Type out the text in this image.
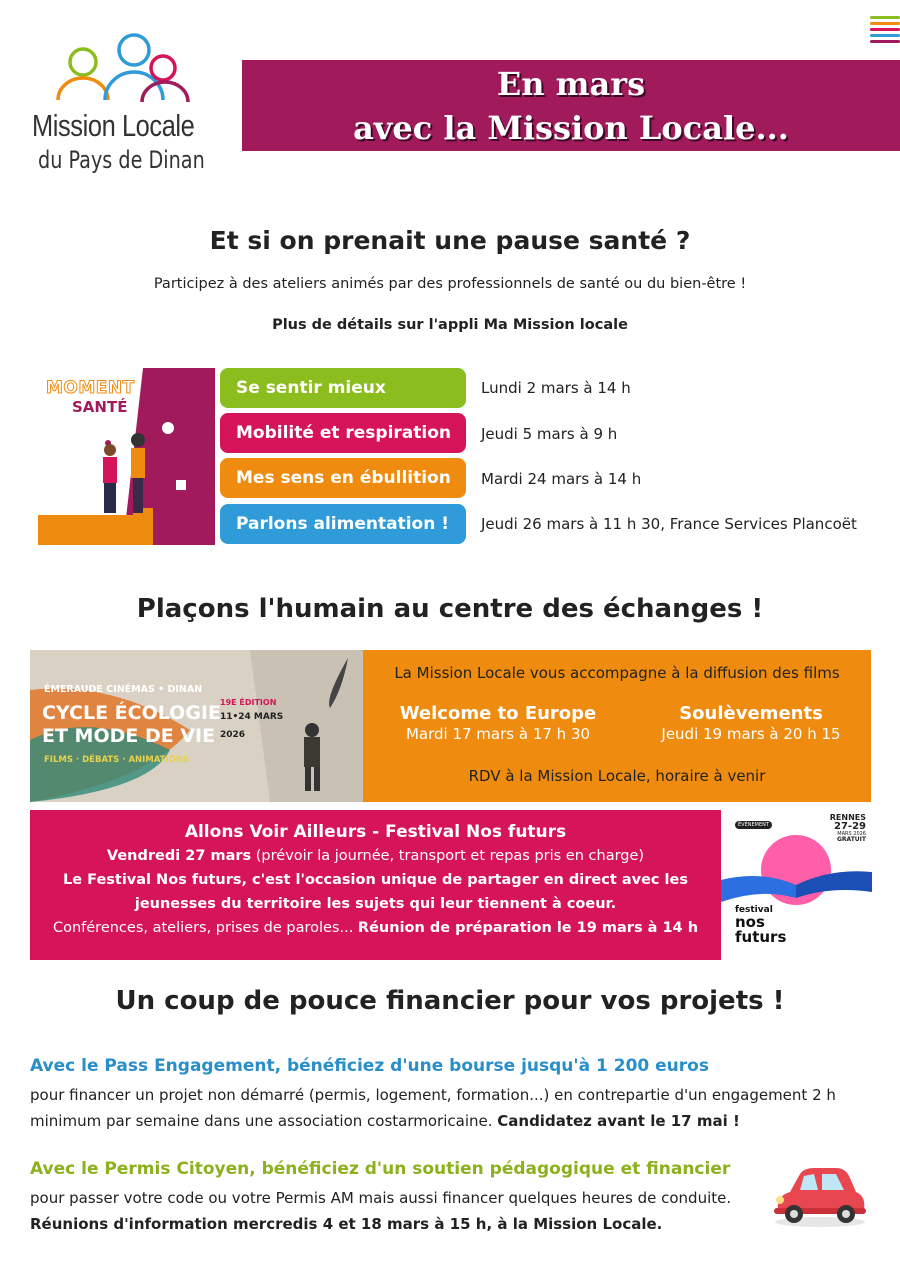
Mission Locale
du Pays de Dinan
En mars
avec la Mission Locale...
Et si on prenait une pause santé ?
Participez à des ateliers animés par des professionnels de santé ou du bien-être !
Plus de détails sur l'appli Ma Mission locale
MOMENT
SANTÉ
Se sentir mieux	Lundi 2 mars à 14 h
Mobilité et respiration	Jeudi 5 mars à 9 h
Mes sens en ébullition	Mardi 24 mars à 14 h
Parlons alimentation !	Jeudi 26 mars à 11 h 30, France Services Plancoët
Plaçons l'humain au centre des échanges !
ÉMERAUDE CINÉMAS • DINAN
CYCLE ÉCOLOGIE
ET MODE DE VIE
FILMS · DÉBATS · ANIMATIONS
19E ÉDITION
11•24 MARS
2026
La Mission Locale vous accompagne à la diffusion des films
Welcome to Europe
Mardi 17 mars à 17 h 30
Soulèvements
Jeudi 19 mars à 20 h 15
RDV à la Mission Locale, horaire à venir
Allons Voir Ailleurs - Festival Nos futurs
Vendredi 27 mars (prévoir la journée, transport et repas pris en charge)
Le Festival Nos futurs, c'est l'occasion unique de partager en direct avec les jeunesses du territoire les sujets qui leur tiennent à coeur.
Conférences, ateliers, prises de paroles... Réunion de préparation le 19 mars à 14 h
ÉVÉNEMENT
RENNES
27-29
MARS 2026
GRATUIT
festival
nos
futurs
Un coup de pouce financier pour vos projets !
Avec le Pass Engagement, bénéficiez d'une bourse jusqu'à 1 200 euros
pour financer un projet non démarré (permis, logement, formation...) en contrepartie d'un engagement 2 h minimum par semaine dans une association costarmoricaine. Candidatez avant le 17 mai !
Avec le Permis Citoyen, bénéficiez d'un soutien pédagogique et financier
pour passer votre code ou votre Permis AM mais aussi financer quelques heures de conduite.
Réunions d'information mercredis 4 et 18 mars à 15 h, à la Mission Locale.
